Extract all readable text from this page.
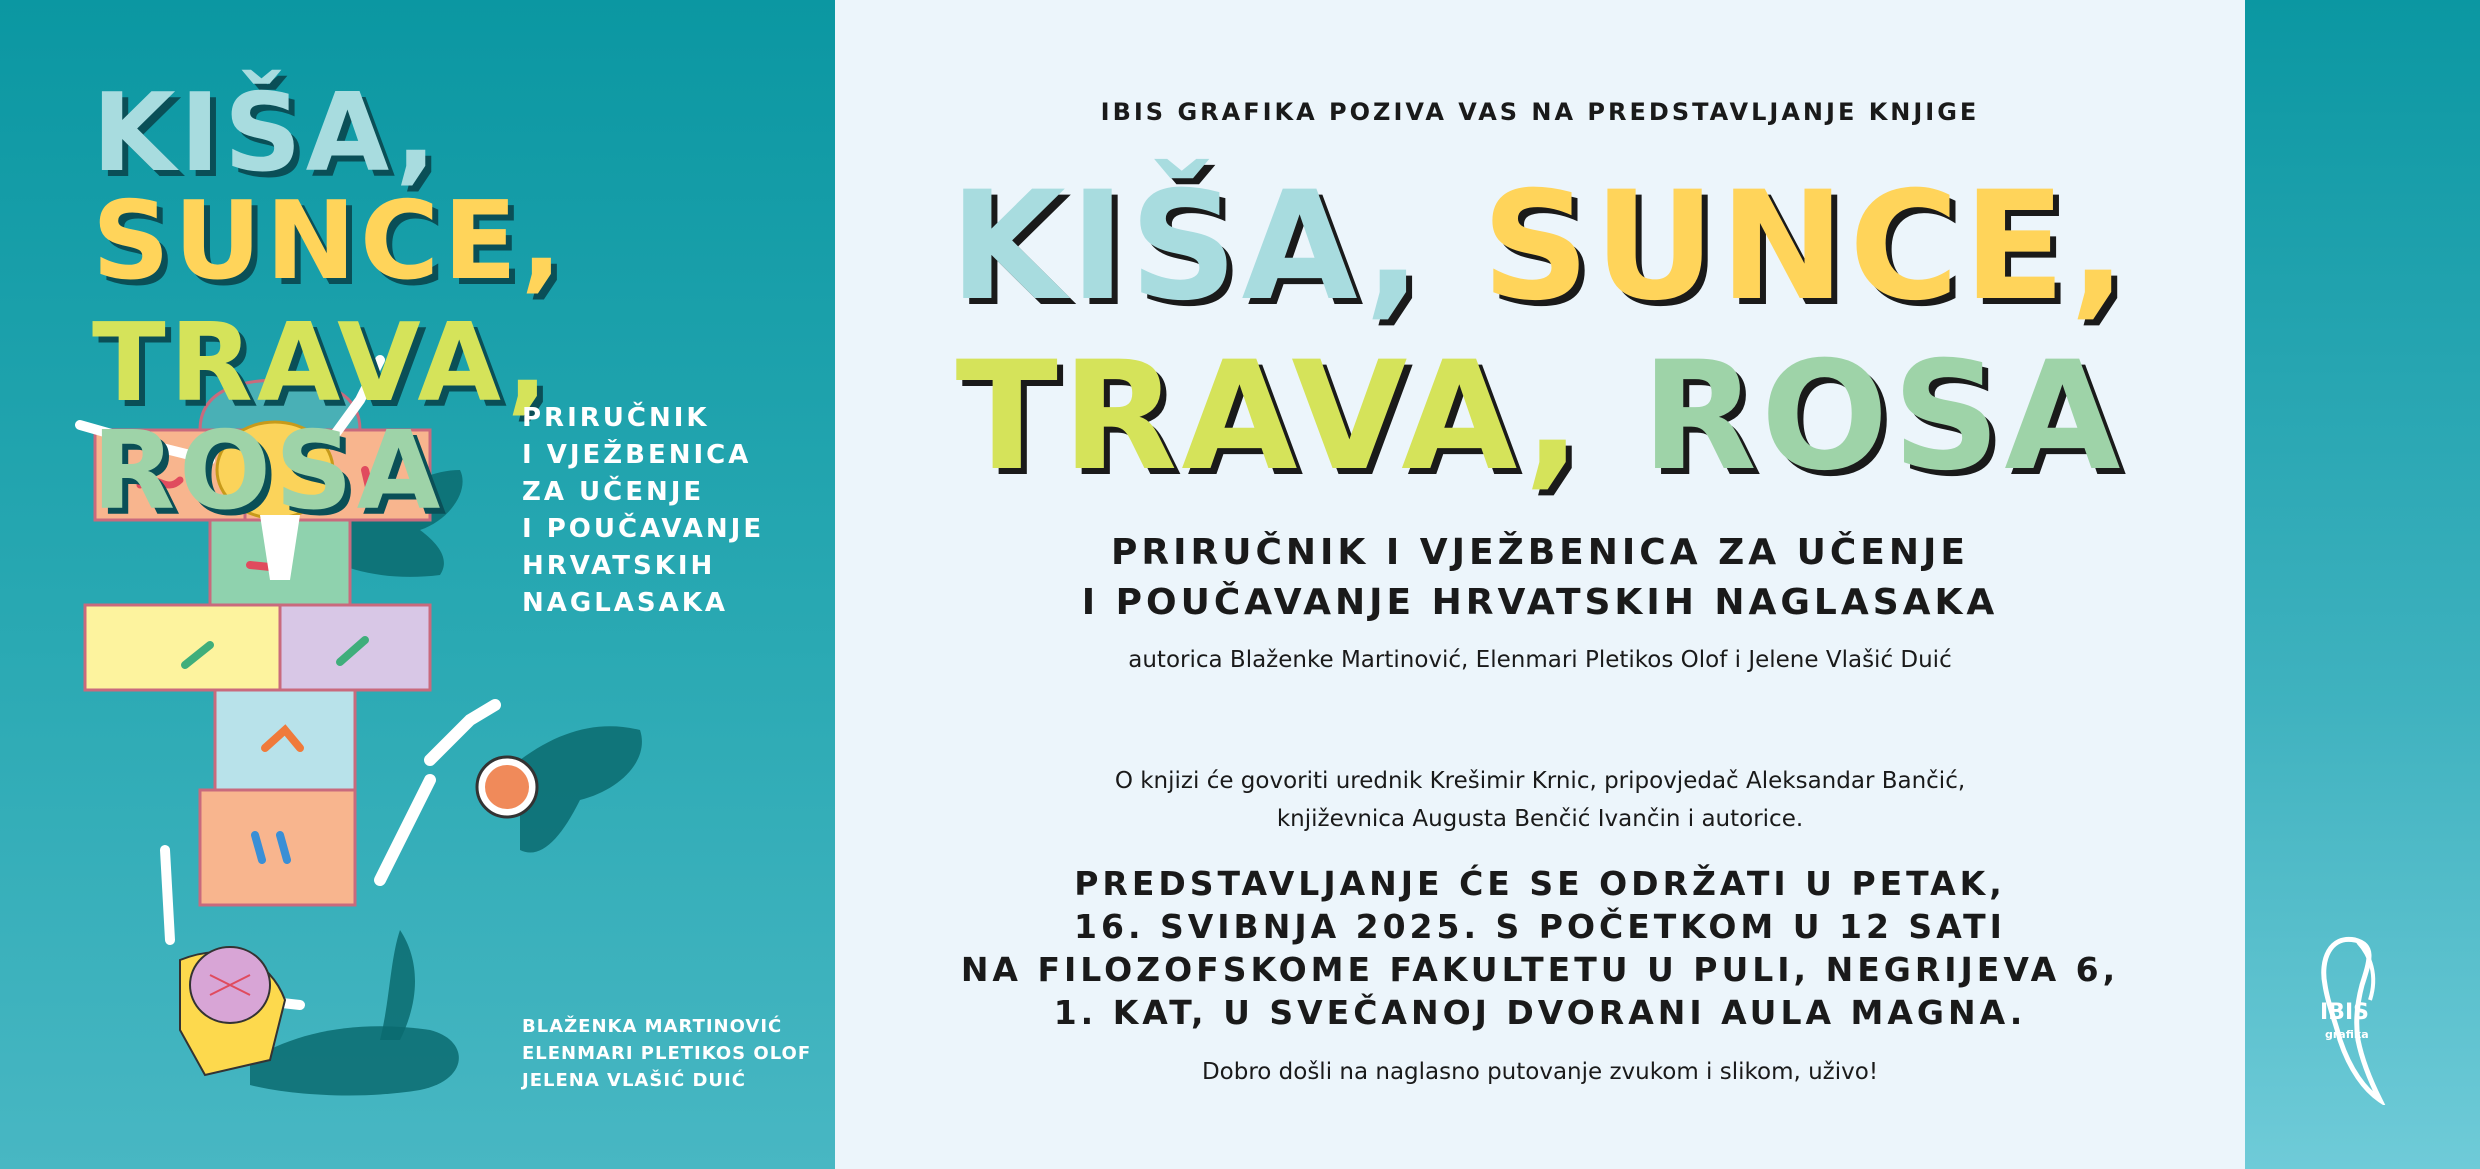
KIŠA, SUNCE,
TRAVA, ROSA	PRIRUČNIK
I VJEŽBENICA
ZA UČENJE
I POUČAVANJE
HRVATSKIH
NAGLASAKA
BLAŽENKA MARTINOVIĆ
ELENMARI PLETIKOS OLOF
JELENA VLAŠIĆ DUIĆ
IBIS GRAFIKA POZIVA VAS NA PREDSTAVLJANJE KNJIGE
KIŠA, SUNCE,
TRAVA, ROSA
PRIRUČNIK I VJEŽBENICA ZA UČENJE
I POUČAVANJE HRVATSKIH NAGLASAKA
autorica Blaženke Martinović, Elenmari Pletikos Olof i Jelene Vlašić Duić
O knjizi će govoriti urednik Krešimir Krnic, pripovjedač Aleksandar Bančić,
književnica Augusta Benčić Ivančin i autorice.
PREDSTAVLJANJE ĆE SE ODRŽATI U PETAK,
16. SVIBNJA 2025. S POČETKOM U 12 SATI
NA FILOZOFSKOME FAKULTETU U PULI, NEGRIJEVA 6,
1. KAT, U SVEČANOJ DVORANI AULA MAGNA.
Dobro došli na naglasno putovanje zvukom i slikom, uživo!
IBIS
grafika
